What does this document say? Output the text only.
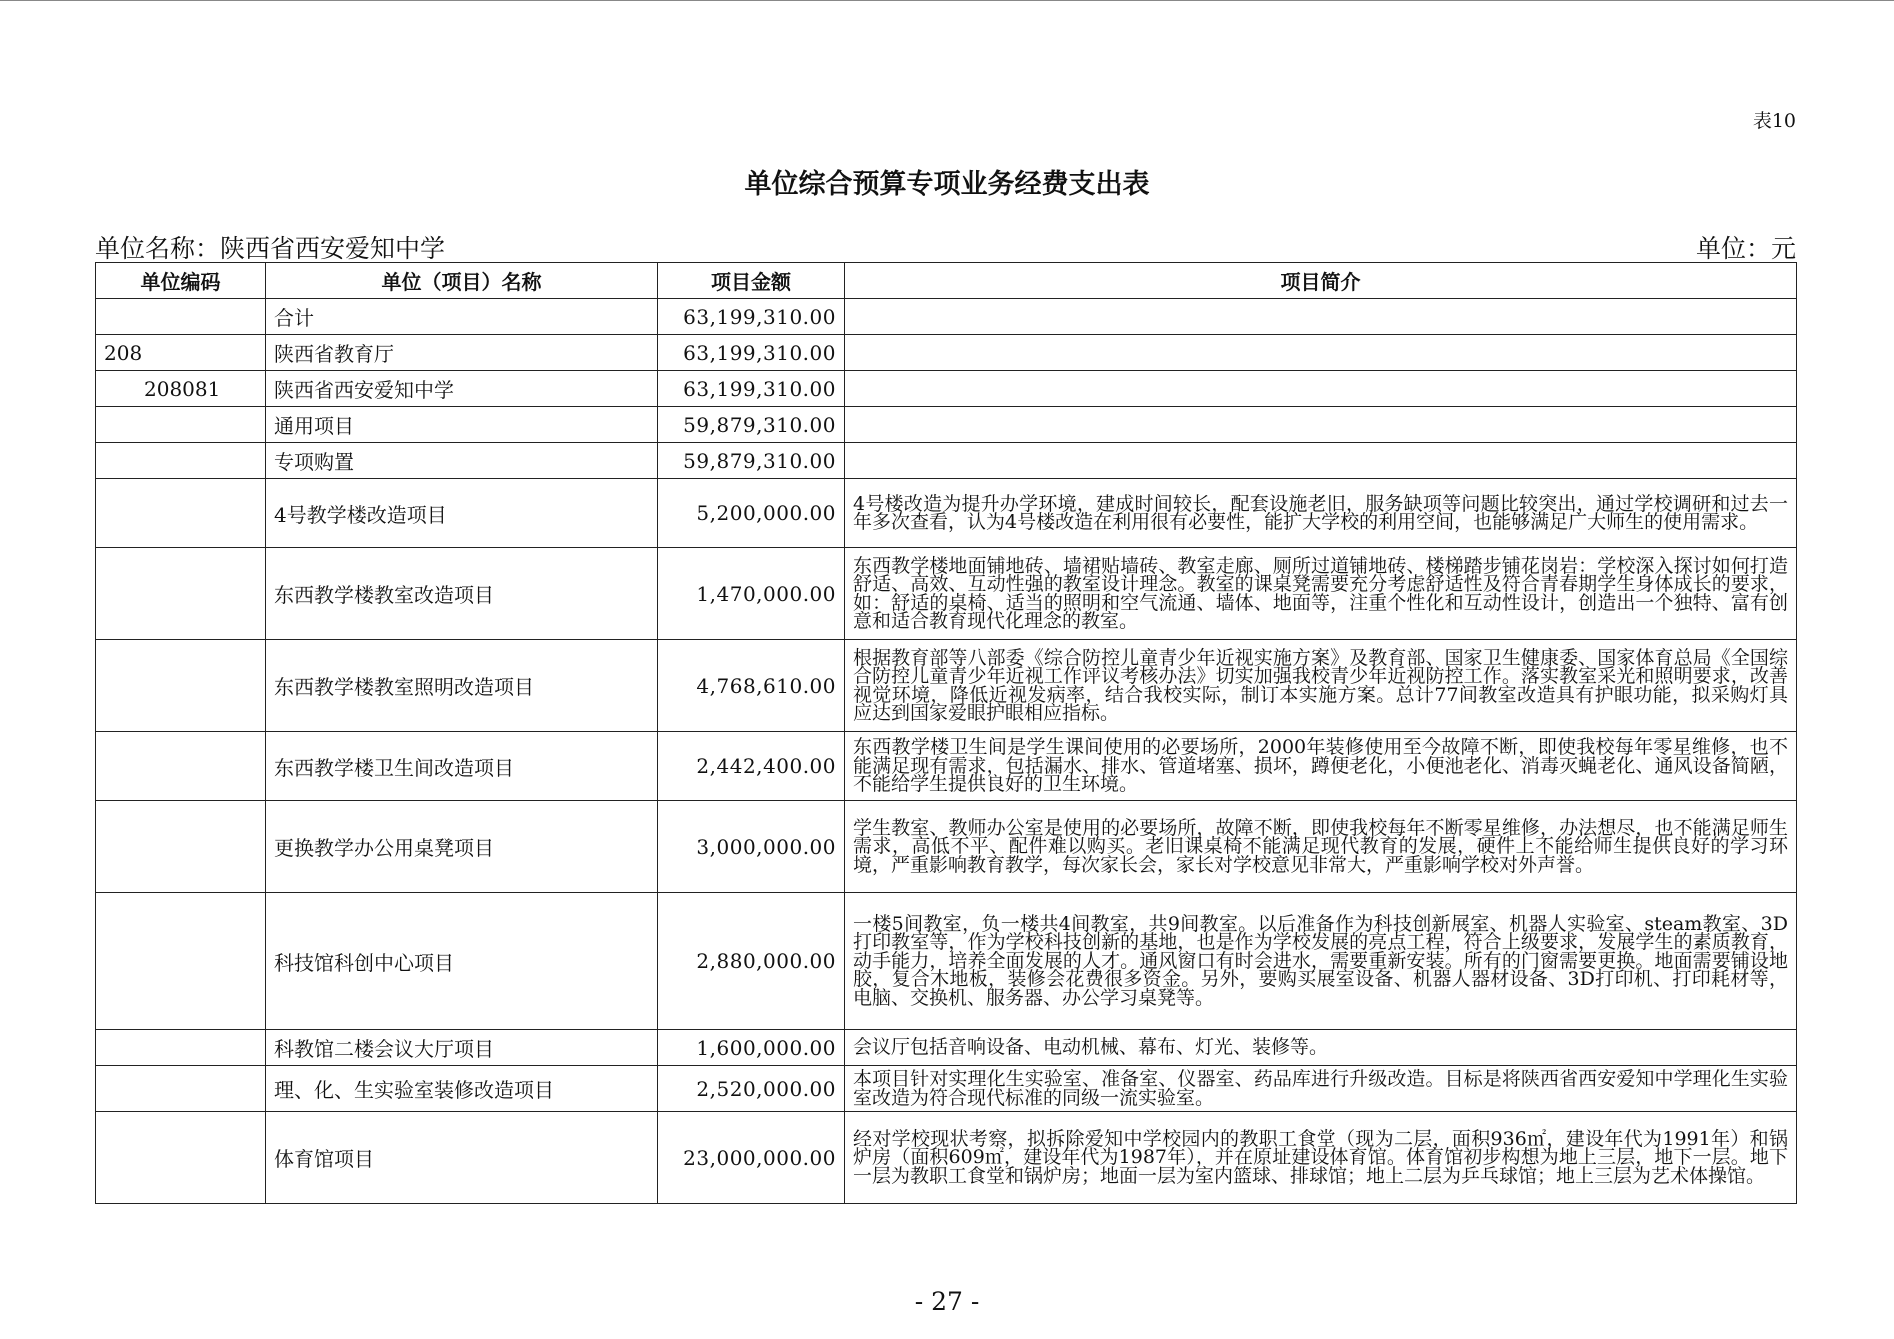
表10
单位综合预算专项业务经费支出表
单位名称：陕西省西安爱知中学	单位：元
单位编码	单位（项目）名称	项目金额	项目简介
	合计	63,199,310.00	
208	陕西省教育厅	63,199,310.00	
208081	陕西省西安爱知中学	63,199,310.00	
	通用项目	59,879,310.00	
	专项购置	59,879,310.00	
	4号教学楼改造项目	5,200,000.00	4号楼改造为提升办学环境，建成时间较长，配套设施老旧，服务缺项等问题比较突出，通过学校调研和过去一年多次查看，认为4号楼改造在利用很有必要性，能扩大学校的利用空间，也能够满足广大师生的使用需求。
	东西教学楼教室改造项目	1,470,000.00	东西教学楼地面铺地砖、墙裙贴墙砖、教室走廊、厕所过道铺地砖、楼梯踏步铺花岗岩：学校深入探讨如何打造舒适、高效、互动性强的教室设计理念。教室的课桌凳需要充分考虑舒适性及符合青春期学生身体成长的要求，如：舒适的桌椅、适当的照明和空气流通、墙体、地面等，注重个性化和互动性设计，创造出一个独特、富有创意和适合教育现代化理念的教室。
	东西教学楼教室照明改造项目	4,768,610.00	根据教育部等八部委《综合防控儿童青少年近视实施方案》及教育部、国家卫生健康委、国家体育总局《全国综合防控儿童青少年近视工作评议考核办法》切实加强我校青少年近视防控工作。落实教室采光和照明要求，改善视觉环境，降低近视发病率，结合我校实际，制订本实施方案。总计77间教室改造具有护眼功能，拟采购灯具应达到国家爱眼护眼相应指标。
	东西教学楼卫生间改造项目	2,442,400.00	东西教学楼卫生间是学生课间使用的必要场所，2000年装修使用至今故障不断，即使我校每年零星维修，也不能满足现有需求，包括漏水、排水、管道堵塞、损坏，蹲便老化，小便池老化、消毒灭蝇老化、通风设备简陋，不能给学生提供良好的卫生环境。
	更换教学办公用桌凳项目	3,000,000.00	学生教室、教师办公室是使用的必要场所，故障不断，即使我校每年不断零星维修，办法想尽，也不能满足师生需求，高低不平、配件难以购买。老旧课桌椅不能满足现代教育的发展，硬件上不能给师生提供良好的学习环境，严重影响教育教学，每次家长会，家长对学校意见非常大，严重影响学校对外声誉。
	科技馆科创中心项目	2,880,000.00	一楼5间教室，负一楼共4间教室，共9间教室。以后准备作为科技创新展室、机器人实验室、steam教室、3D打印教室等，作为学校科技创新的基地，也是作为学校发展的亮点工程，符合上级要求，发展学生的素质教育，动手能力，培养全面发展的人才。通风窗口有时会进水，需要重新安装。所有的门窗需要更换。地面需要铺设地胶，复合木地板，装修会花费很多资金。另外，要购买展室设备、机器人器材设备、3D打印机、打印耗材等，电脑、交换机、服务器、办公学习桌凳等。
	科教馆二楼会议大厅项目	1,600,000.00	会议厅包括音响设备、电动机械、幕布、灯光、装修等。
	理、化、生实验室装修改造项目	2,520,000.00	本项目针对实理化生实验室、准备室、仪器室、药品库进行升级改造。目标是将陕西省西安爱知中学理化生实验室改造为符合现代标准的同级一流实验室。
	体育馆项目	23,000,000.00	经对学校现状考察，拟拆除爱知中学校园内的教职工食堂（现为二层，面积936㎡，建设年代为1991年）和锅炉房（面积609㎡，建设年代为1987年），并在原址建设体育馆。体育馆初步构想为地上三层，地下一层。地下一层为教职工食堂和锅炉房；地面一层为室内篮球、排球馆；地上二层为乒乓球馆；地上三层为艺术体操馆。
- 27 -
